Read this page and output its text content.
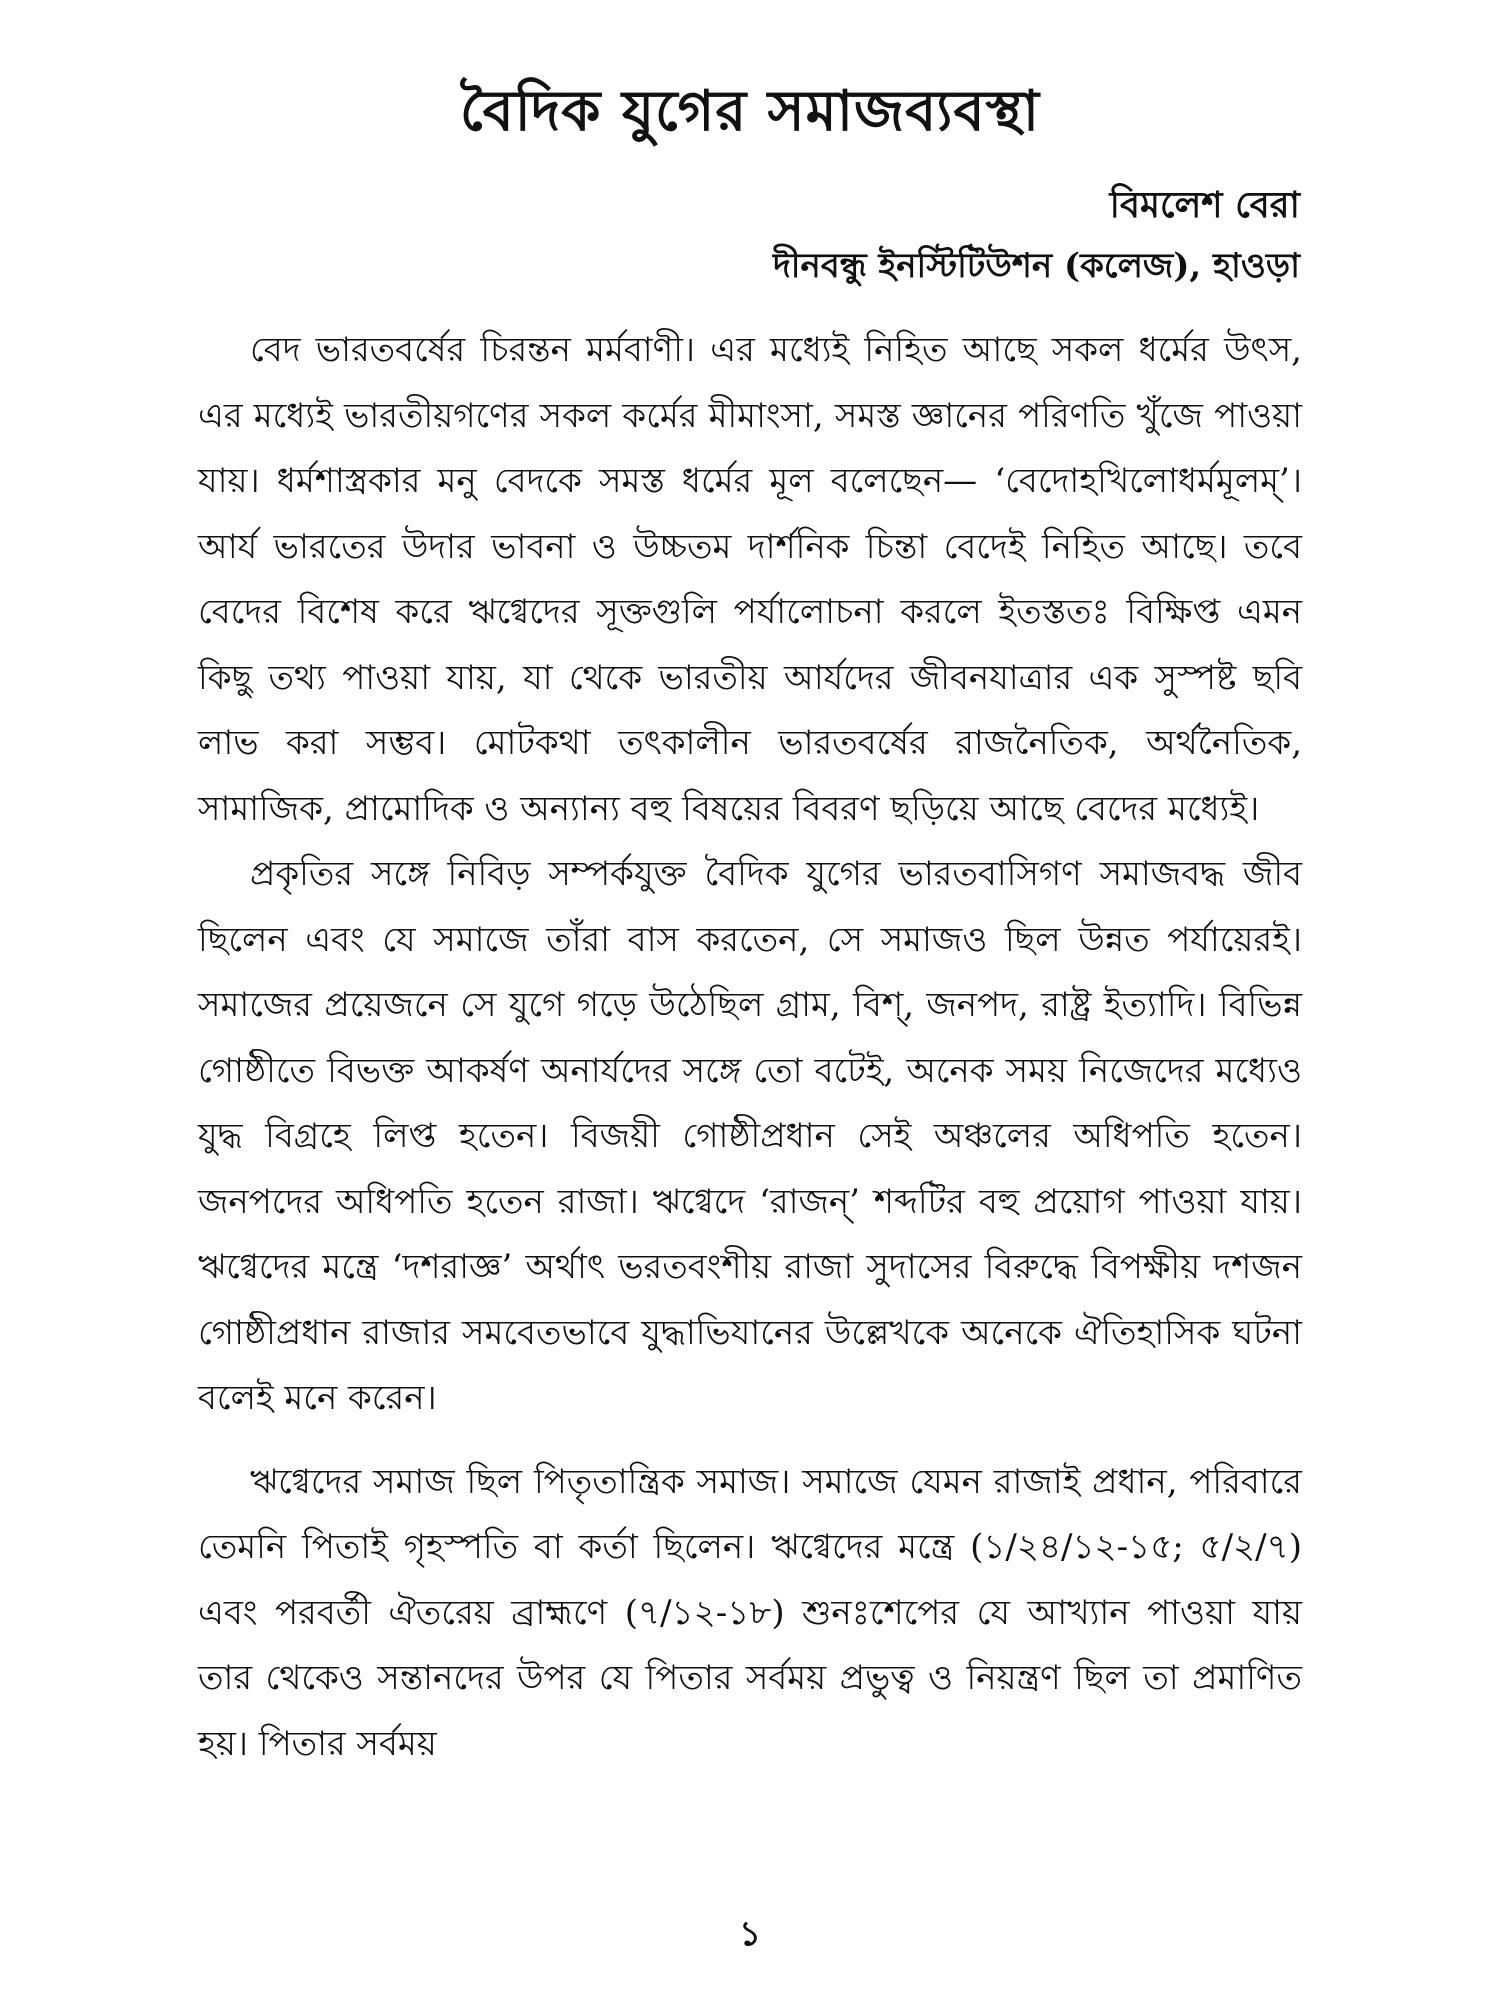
বৈদিক যুগের সমাজব্যবস্থা

বিমলেশ বেরা

দীনবন্ধু ইনস্টিটিউশন (কলেজ), হাওড়া

বেদ ভারতবর্ষের চিরন্তন মর্মবাণী। এর মধ্যেই নিহিত আছে সকল ধর্মের উৎস, এর মধ্যেই ভারতীয়গণের সকল কর্মের মীমাংসা, সমস্ত জ্ঞানের পরিণতি খুঁজে পাওয়া যায়। ধর্মশাস্ত্রকার মনু বেদকে সমস্ত ধর্মের মূল বলেছেন— ‘বেদোহখিলোধর্মমূলম্’। আর্য ভারতের উদার ভাবনা ও উচ্চতম দার্শনিক চিন্তা বেদেই নিহিত আছে। তবে বেদের বিশেষ করে ঋগ্বেদের সূক্তগুলি পর্যালোচনা করলে ইতস্ততঃ বিক্ষিপ্ত এমন কিছু তথ্য পাওয়া যায়, যা থেকে ভারতীয় আর্যদের জীবনযাত্রার এক সুস্পষ্ট ছবি লাভ করা সম্ভব। মোটকথা তৎকালীন ভারতবর্ষের রাজনৈতিক, অর্থনৈতিক, সামাজিক, প্রামোদিক ও অন্যান্য বহু বিষয়ের বিবরণ ছড়িয়ে আছে বেদের মধ্যেই।

প্রকৃতির সঙ্গে নিবিড় সম্পর্কযুক্ত বৈদিক যুগের ভারতবাসিগণ সমাজবদ্ধ জীব ছিলেন এবং যে সমাজে তাঁরা বাস করতেন, সে সমাজও ছিল উন্নত পর্যায়েরই। সমাজের প্রয়েজনে সে যুগে গড়ে উঠেছিল গ্রাম, বিশ্, জনপদ, রাষ্ট্র ইত্যাদি। বিভিন্ন গোষ্ঠীতে বিভক্ত আকর্ষণ অনার্যদের সঙ্গে তো বটেই, অনেক সময় নিজেদের মধ্যেও যুদ্ধ বিগ্রহে লিপ্ত হতেন। বিজয়ী গোষ্ঠীপ্রধান সেই অঞ্চলের অধিপতি হতেন। জনপদের অধিপতি হতেন রাজা। ঋগ্বেদে ‘রাজন্’ শব্দটির বহু প্রয়োগ পাওয়া যায়। ঋগ্বেদের মন্ত্রে ‘দশরাজ্ঞ’ অর্থাৎ ভরতবংশীয় রাজা সুদাসের বিরুদ্ধে বিপক্ষীয় দশজন গোষ্ঠীপ্রধান রাজার সমবেতভাবে যুদ্ধাভিযানের উল্লেখকে অনেকে ঐতিহাসিক ঘটনা বলেই মনে করেন।

ঋগ্বেদের সমাজ ছিল পিতৃতান্ত্রিক সমাজ। সমাজে যেমন রাজাই প্রধান, পরিবারে তেমনি পিতাই গৃহস্পতি বা কর্তা ছিলেন। ঋগ্বেদের মন্ত্রে (১/২৪/১২-১৫; ৫/২/৭) এবং পরবর্তী ঐতরেয় ব্রাহ্মণে (৭/১২-১৮) শুনঃশেপের যে আখ্যান পাওয়া যায় তার থেকেও সন্তানদের উপর যে পিতার সর্বময় প্রভুত্ব ও নিয়ন্ত্রণ ছিল তা প্রমাণিত হয়। পিতার সর্বময়

১
